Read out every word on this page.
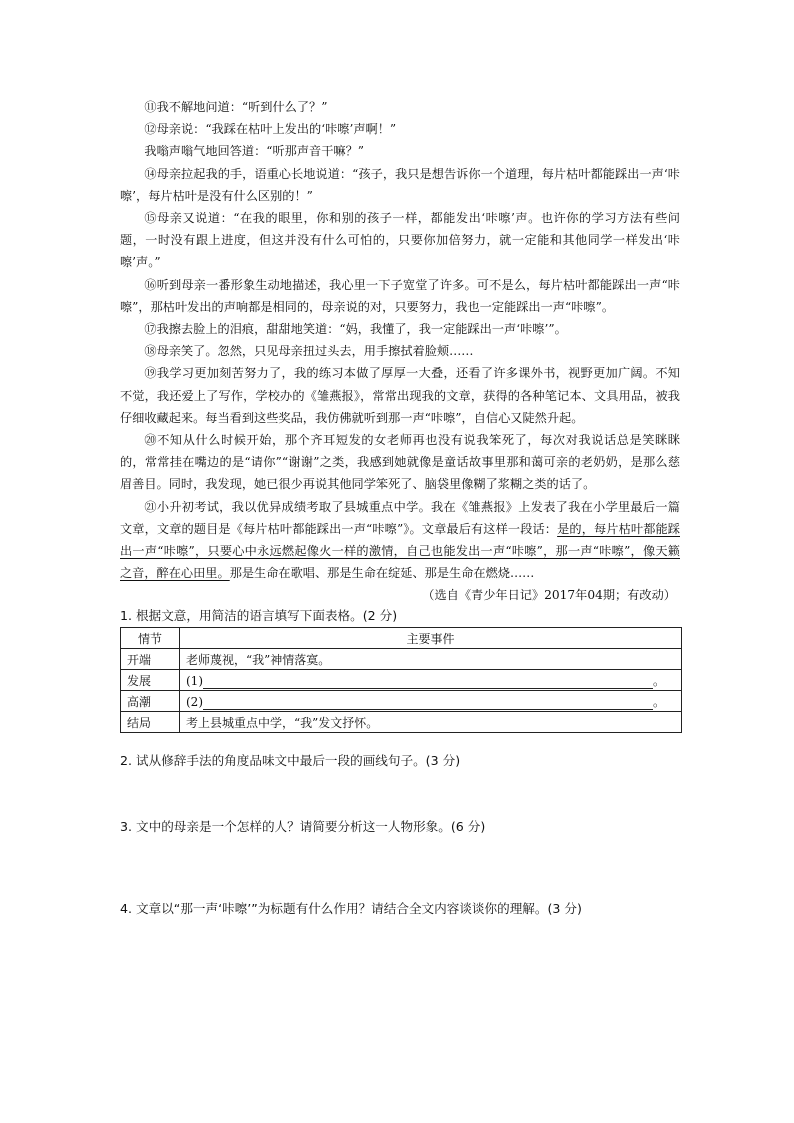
⑪我不解地问道：“听到什么了？”

⑫母亲说：“我踩在枯叶上发出的‘咔嚓’声啊！”

我嗡声嗡气地回答道：“听那声音干嘛？”

⑭母亲拉起我的手，语重心长地说道：“孩子，我只是想告诉你一个道理，每片枯叶都能踩出一声‘咔嚓’，每片枯叶是没有什么区别的！”

⑮母亲又说道：“在我的眼里，你和别的孩子一样，都能发出‘咔嚓’声。也许你的学习方法有些问题，一时没有跟上进度，但这并没有什么可怕的，只要你加倍努力，就一定能和其他同学一样发出‘咔嚓’声。”

⑯听到母亲一番形象生动地描述，我心里一下子宽堂了许多。可不是么，每片枯叶都能踩出一声“咔嚓”，那枯叶发出的声响都是相同的，母亲说的对，只要努力，我也一定能踩出一声“咔嚓”。

⑰我擦去脸上的泪痕，甜甜地笑道：“妈，我懂了，我一定能踩出一声‘咔嚓’”。

⑱母亲笑了。忽然，只见母亲扭过头去，用手擦拭着脸颊……

⑲我学习更加刻苦努力了，我的练习本做了厚厚一大叠，还看了许多课外书，视野更加广阔。不知不觉，我还爱上了写作，学校办的《雏燕报》，常常出现我的文章，获得的各种笔记本、文具用品，被我仔细收藏起来。每当看到这些奖品，我仿佛就听到那一声“咔嚓”，自信心又陡然升起。

⑳不知从什么时候开始，那个齐耳短发的女老师再也没有说我笨死了，每次对我说话总是笑眯眯的，常常挂在嘴边的是“请你”“谢谢”之类，我感到她就像是童话故事里那和蔼可亲的老奶奶，是那么慈眉善目。同时，我发现，她已很少再说其他同学笨死了、脑袋里像糊了浆糊之类的话了。

㉑小升初考试，我以优异成绩考取了县城重点中学。我在《雏燕报》上发表了我在小学里最后一篇文章，文章的题目是《每片枯叶都能踩出一声“咔嚓”》。文章最后有这样一段话：是的，每片枯叶都能踩出一声“咔嚓”，只要心中永远燃起像火一样的激情，自己也能发出一声“咔嚓”，那一声“咔嚓”，像天籁之音，醉在心田里。那是生命在歌唱、那是生命在绽延、那是生命在燃烧……

（选自《青少年日记》2017年04期；有改动）

1. 根据文意，用简洁的语言填写下面表格。(2 分)

情节	主要事件
开端	老师蔑视，“我”神情落寞。
发展	(1) 。
高潮	(2) 。
结局	考上县城重点中学，“我”发文抒怀。

2. 试从修辞手法的角度品味文中最后一段的画线句子。(3 分)

3. 文中的母亲是一个怎样的人？请简要分析这一人物形象。(6 分)

4. 文章以“那一声‘咔嚓’”为标题有什么作用？请结合全文内容谈谈你的理解。(3 分)
